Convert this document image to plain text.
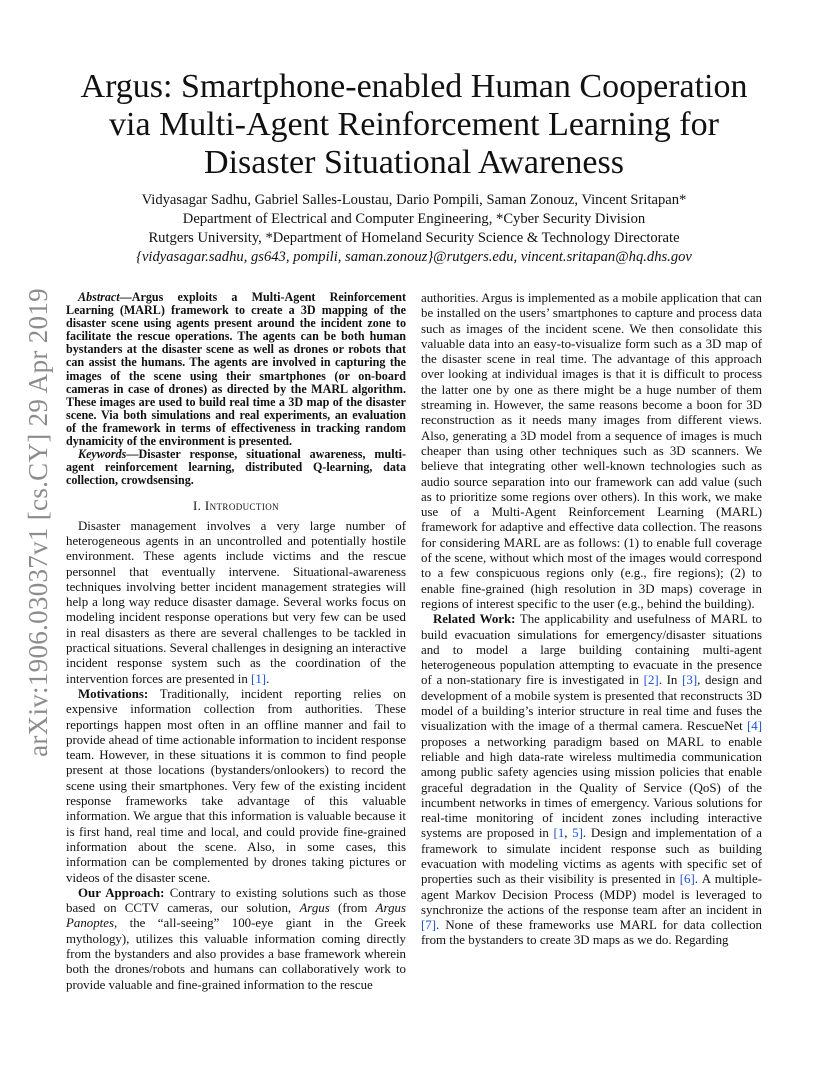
arXiv:1906.03037v1 [cs.CY] 29 Apr 2019
Argus: Smartphone-enabled Human Cooperation via Multi-Agent Reinforcement Learning for Disaster Situational Awareness
Vidyasagar Sadhu, Gabriel Salles-Loustau, Dario Pompili, Saman Zonouz, Vincent Sritapan*
Department of Electrical and Computer Engineering, *Cyber Security Division
Rutgers University, *Department of Homeland Security Science & Technology Directorate
{vidyasagar.sadhu, gs643, pompili, saman.zonouz}@rutgers.edu, vincent.sritapan@hq.dhs.gov

Abstract—Argus exploits a Multi-Agent Reinforcement Learning (MARL) framework to create a 3D mapping of the disaster scene using agents present around the incident zone to facilitate the rescue operations. The agents can be both human bystanders at the disaster scene as well as drones or robots that can assist the humans. The agents are involved in capturing the images of the scene using their smartphones (or on-board cameras in case of drones) as directed by the MARL algorithm. These images are used to build real time a 3D map of the disaster scene. Via both simulations and real experiments, an evaluation of the framework in terms of effectiveness in tracking random dynamicity of the environment is presented.

Keywords—Disaster response, situational awareness, multi-agent reinforcement learning, distributed Q-learning, data collection, crowdsensing.

I. Introduction

Disaster management involves a very large number of heterogeneous agents in an uncontrolled and potentially hostile environment. These agents include victims and the rescue personnel that eventually intervene. Situational-awareness techniques involving better incident management strategies will help a long way reduce disaster damage. Several works focus on modeling incident response operations but very few can be used in real disasters as there are several challenges to be tackled in practical situations. Several challenges in designing an interactive incident response system such as the coordination of the intervention forces are presented in [1].

Motivations: Traditionally, incident reporting relies on expensive information collection from authorities. These reportings happen most often in an offline manner and fail to provide ahead of time actionable information to incident response team. However, in these situations it is common to find people present at those locations (bystanders/onlookers) to record the scene using their smartphones. Very few of the existing incident response frameworks take advantage of this valuable information. We argue that this information is valuable because it is first hand, real time and local, and could provide fine-grained information about the scene. Also, in some cases, this information can be complemented by drones taking pictures or videos of the disaster scene.

Our Approach: Contrary to existing solutions such as those based on CCTV cameras, our solution, Argus (from Argus Panoptes, the “all-seeing” 100-eye giant in the Greek mythology), utilizes this valuable information coming directly from the bystanders and also provides a base framework wherein both the drones/robots and humans can collaboratively work to provide valuable and fine-grained information to the rescue

authorities. Argus is implemented as a mobile application that can be installed on the users’ smartphones to capture and process data such as images of the incident scene. We then consolidate this valuable data into an easy-to-visualize form such as a 3D map of the disaster scene in real time. The advantage of this approach over looking at individual images is that it is difficult to process the latter one by one as there might be a huge number of them streaming in. However, the same reasons become a boon for 3D reconstruction as it needs many images from different views. Also, generating a 3D model from a sequence of images is much cheaper than using other techniques such as 3D scanners. We believe that integrating other well-known technologies such as audio source separation into our framework can add value (such as to prioritize some regions over others). In this work, we make use of a Multi-Agent Reinforcement Learning (MARL) framework for adaptive and effective data collection. The reasons for considering MARL are as follows: (1) to enable full coverage of the scene, without which most of the images would correspond to a few conspicuous regions only (e.g., fire regions); (2) to enable fine-grained (high resolution in 3D maps) coverage in regions of interest specific to the user (e.g., behind the building).

Related Work: The applicability and usefulness of MARL to build evacuation simulations for emergency/disaster situations and to model a large building containing multi-agent heterogeneous population attempting to evacuate in the presence of a non-stationary fire is investigated in [2]. In [3], design and development of a mobile system is presented that reconstructs 3D model of a building’s interior structure in real time and fuses the visualization with the image of a thermal camera. RescueNet [4] proposes a networking paradigm based on MARL to enable reliable and high data-rate wireless multimedia communication among public safety agencies using mission policies that enable graceful degradation in the Quality of Service (QoS) of the incumbent networks in times of emergency. Various solutions for real-time monitoring of incident zones including interactive systems are proposed in [1, 5]. Design and implementation of a framework to simulate incident response such as building evacuation with modeling victims as agents with specific set of properties such as their visibility is presented in [6]. A multiple-agent Markov Decision Process (MDP) model is leveraged to synchronize the actions of the response team after an incident in [7]. None of these frameworks use MARL for data collection from the bystanders to create 3D maps as we do. Regarding
